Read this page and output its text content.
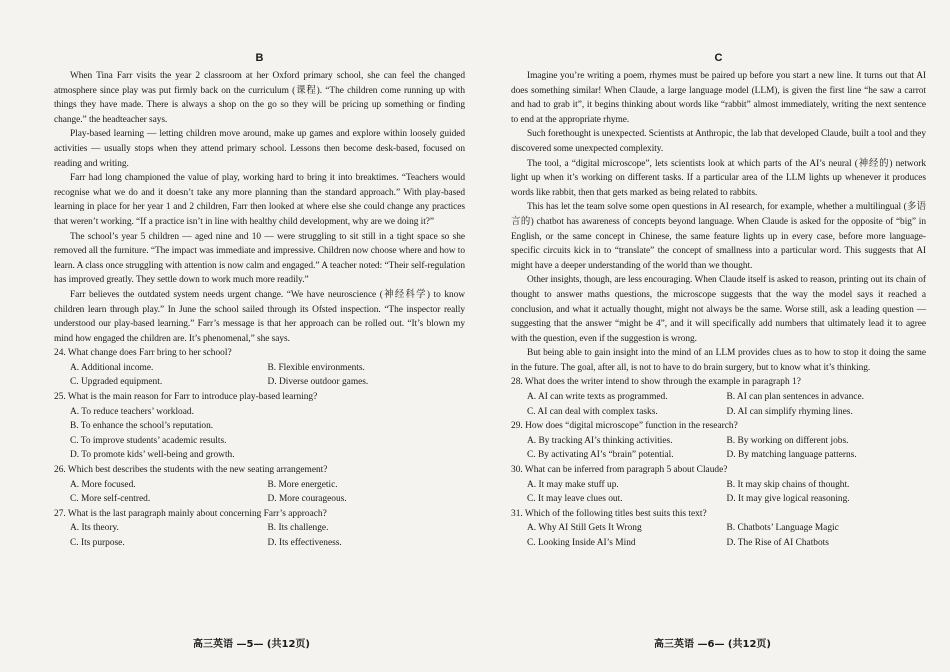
B

When Tina Farr visits the year 2 classroom at her Oxford primary school, she can feel the changed atmosphere since play was put firmly back on the curriculum (课程). “The children come running up with things they have made. There is always a shop on the go so they will be pricing up something or finding change.” the headteacher says.

Play-based learning — letting children move around, make up games and explore within loosely guided activities — usually stops when they attend primary school. Lessons then become desk-based, focused on reading and writing.

Farr had long championed the value of play, working hard to bring it into breaktimes. “Teachers would recognise what we do and it doesn’t take any more planning than the standard approach.” With play-based learning in place for her year 1 and 2 children, Farr then looked at where else she could change any practices that weren’t working. “If a practice isn’t in line with healthy child development, why are we doing it?”

The school’s year 5 children — aged nine and 10 — were struggling to sit still in a tight space so she removed all the furniture. “The impact was immediate and impressive. Children now choose where and how to learn. A class once struggling with attention is now calm and engaged.” A teacher noted: “Their self-regulation has improved greatly. They settle down to work much more readily.”

Farr believes the outdated system needs urgent change. “We have neuroscience (神经科学) to know children learn through play.” In June the school sailed through its Ofsted inspection. “The inspector really understood our play-based learning.” Farr’s message is that her approach can be rolled out. “It’s blown my mind how engaged the children are. It’s phenomenal,” she says.

24. What change does Farr bring to her school?
A. Additional income.	B. Flexible environments.
C. Upgraded equipment.	D. Diverse outdoor games.
25. What is the main reason for Farr to introduce play-based learning?
A. To reduce teachers’ workload.
B. To enhance the school’s reputation.
C. To improve students’ academic results.
D. To promote kids’ well-being and growth.
26. Which best describes the students with the new seating arrangement?
A. More focused.	B. More energetic.
C. More self-centred.	D. More courageous.
27. What is the last paragraph mainly about concerning Farr’s approach?
A. Its theory.	B. Its challenge.
C. Its purpose.	D. Its effectiveness.
高三英语 —5— (共12页)
C

Imagine you’re writing a poem, rhymes must be paired up before you start a new line. It turns out that AI does something similar! When Claude, a large language model (LLM), is given the first line “he saw a carrot and had to grab it”, it begins thinking about words like “rabbit” almost immediately, writing the next sentence to end at the appropriate rhyme.

Such forethought is unexpected. Scientists at Anthropic, the lab that developed Claude, built a tool and they discovered some unexpected complexity.

The tool, a “digital microscope”, lets scientists look at which parts of the AI’s neural (神经的) network light up when it’s working on different tasks. If a particular area of the LLM lights up whenever it produces words like rabbit, then that gets marked as being related to rabbits.

This has let the team solve some open questions in AI research, for example, whether a multilingual (多语言的) chatbot has awareness of concepts beyond language. When Claude is asked for the opposite of “big” in English, or the same concept in Chinese, the same feature lights up in every case, before more language-specific circuits kick in to “translate” the concept of smallness into a particular word. This suggests that AI might have a deeper understanding of the world than we thought.

Other insights, though, are less encouraging. When Claude itself is asked to reason, printing out its chain of thought to answer maths questions, the microscope suggests that the way the model says it reached a conclusion, and what it actually thought, might not always be the same. Worse still, ask a leading question — suggesting that the answer “might be 4”, and it will specifically add numbers that ultimately lead it to agree with the question, even if the suggestion is wrong.

But being able to gain insight into the mind of an LLM provides clues as to how to stop it doing the same in the future. The goal, after all, is not to have to do brain surgery, but to know what it’s thinking.

28. What does the writer intend to show through the example in paragraph 1?
A. AI can write texts as programmed.	B. AI can plan sentences in advance.
C. AI can deal with complex tasks.	D. AI can simplify rhyming lines.
29. How does “digital microscope” function in the research?
A. By tracking AI’s thinking activities.	B. By working on different jobs.
C. By activating AI’s “brain” potential.	D. By matching language patterns.
30. What can be inferred from paragraph 5 about Claude?
A. It may make stuff up.	B. It may skip chains of thought.
C. It may leave clues out.	D. It may give logical reasoning.
31. Which of the following titles best suits this text?
A. Why AI Still Gets It Wrong	B. Chatbots’ Language Magic
C. Looking Inside AI’s Mind	D. The Rise of AI Chatbots
高三英语 —6— (共12页)
